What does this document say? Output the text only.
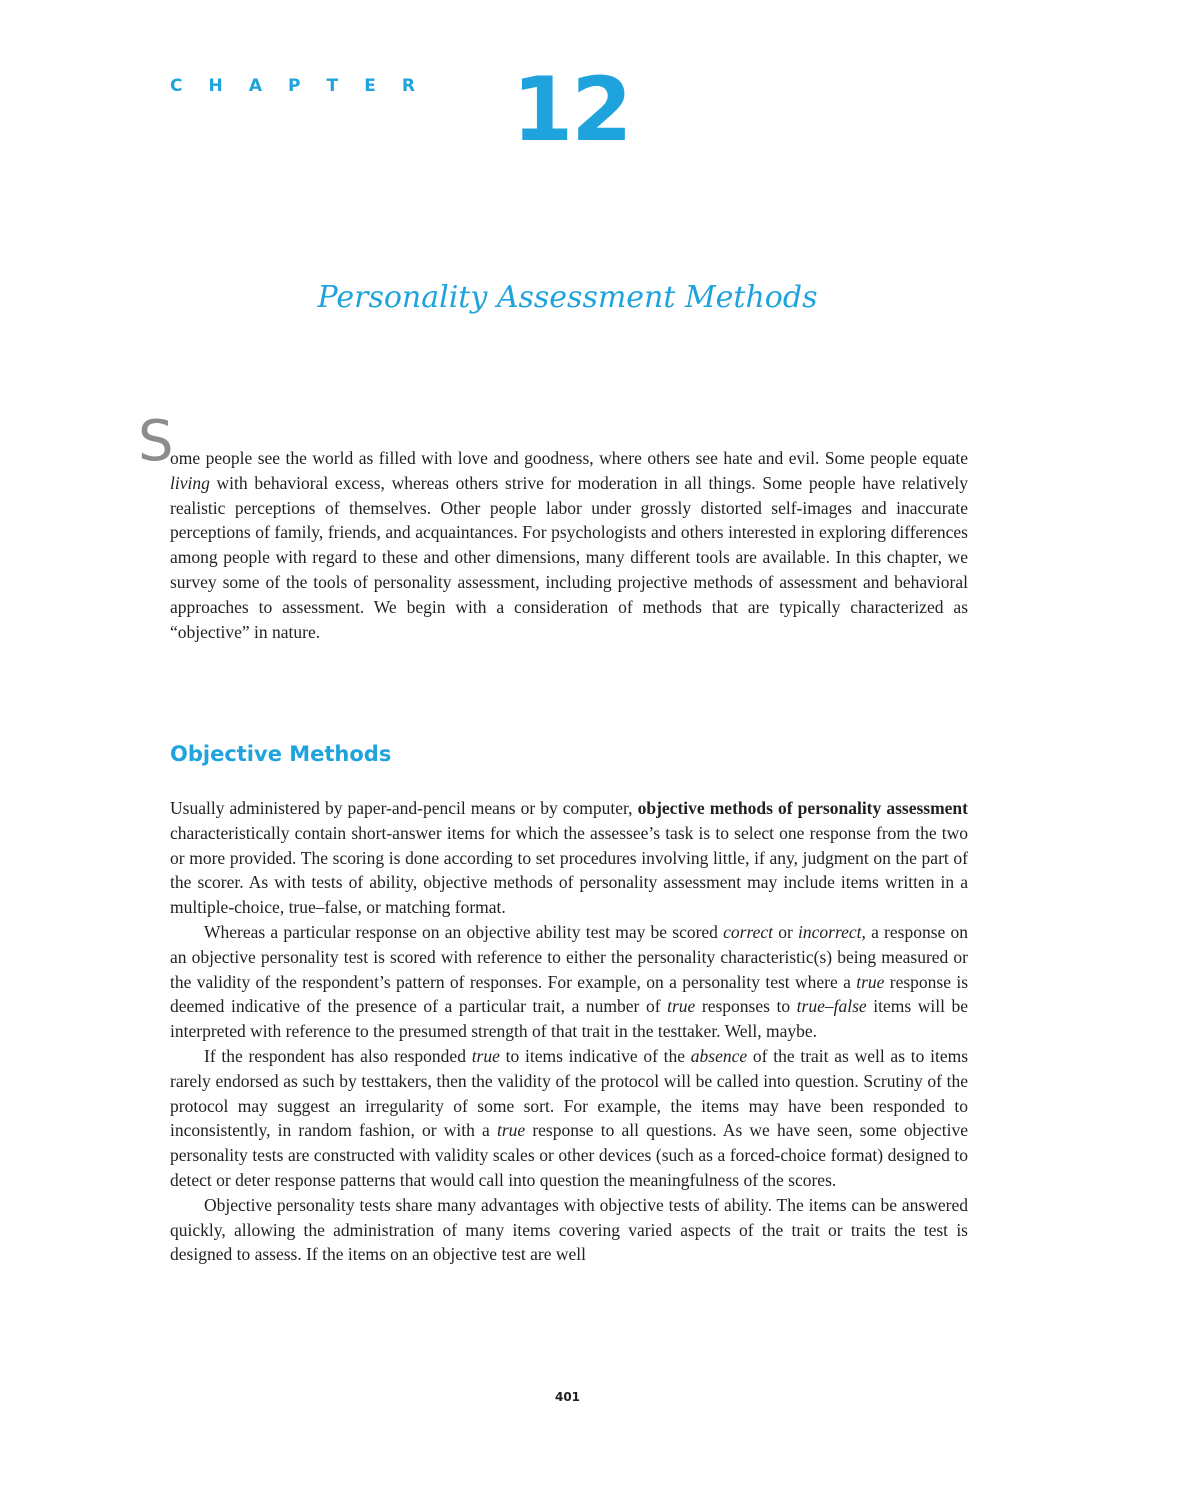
C H A P T E R 12
Personality Assessment Methods
S

ome people see the world as filled with love and goodness, where others see hate and evil. Some people equate living with behavioral excess, whereas others strive for moderation in all things. Some people have relatively realistic perceptions of themselves. Other people labor under grossly distorted self-images and inaccurate perceptions of family, friends, and acquaintances. For psychologists and others interested in exploring differences among people with regard to these and other dimensions, many different tools are available. In this chapter, we survey some of the tools of personality assessment, including projective methods of assessment and behavioral approaches to assessment. We begin with a consideration of methods that are typically characterized as “objective” in nature.

Objective Methods

Usually administered by paper-and-pencil means or by computer, objective methods of personality assessment characteristically contain short-answer items for which the assessee’s task is to select one response from the two or more provided. The scoring is done according to set procedures involving little, if any, judgment on the part of the scorer. As with tests of ability, objective methods of personality assessment may include items written in a multiple-choice, true–false, or matching format.

Whereas a particular response on an objective ability test may be scored correct or incorrect, a response on an objective personality test is scored with reference to either the personality characteristic(s) being measured or the validity of the respondent’s pattern of responses. For example, on a personality test where a true response is deemed indicative of the presence of a particular trait, a number of true responses to true–false items will be interpreted with reference to the presumed strength of that trait in the testtaker. Well, maybe.

If the respondent has also responded true to items indicative of the absence of the trait as well as to items rarely endorsed as such by testtakers, then the validity of the protocol will be called into question. Scrutiny of the protocol may suggest an irregularity of some sort. For example, the items may have been responded to inconsistently, in random fashion, or with a true response to all questions. As we have seen, some objective personality tests are constructed with validity scales or other devices (such as a forced-choice format) designed to detect or deter response patterns that would call into question the meaningfulness of the scores.

Objective personality tests share many advantages with objective tests of ability. The items can be answered quickly, allowing the administration of many items covering varied aspects of the trait or traits the test is designed to assess. If the items on an objective test are well

401
